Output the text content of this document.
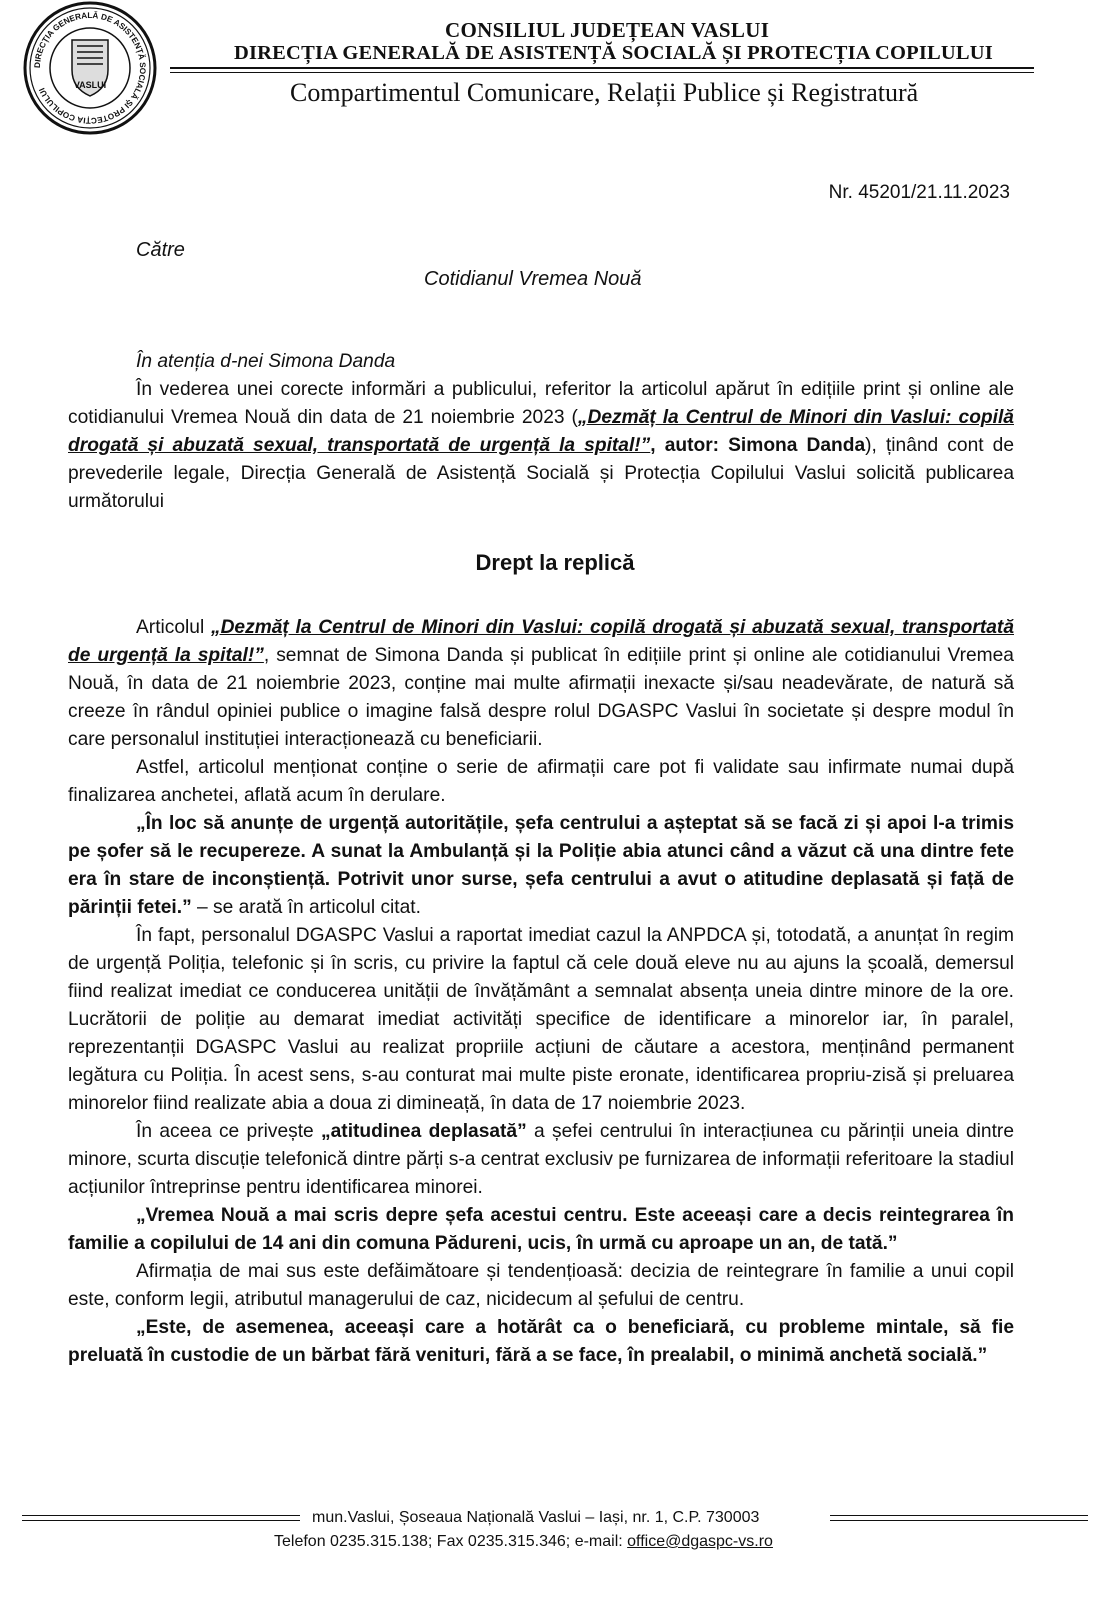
DIRECȚIA GENERALĂ DE ASISTENȚĂ SOCIALĂ ȘI PROTECȚIA COPILULUI	VASLUI
CONSILIUL JUDEȚEAN VASLUI
DIRECȚIA GENERALĂ DE ASISTENȚĂ SOCIALĂ ȘI PROTECȚIA COPILULUI
Compartimentul Comunicare, Relații Publice și Registratură
Nr. 45201/21.11.2023
Către
Cotidianul Vremea Nouă

În atenția d-nei Simona Danda

În vederea unei corecte informări a publicului, referitor la articolul apărut în edițiile print și online ale cotidianului Vremea Nouă din data de 21 noiembrie 2023 („Dezmăț la Centrul de Minori din Vaslui: copilă drogată și abuzată sexual, transportată de urgență la spital!”, autor: Simona Danda), ținând cont de prevederile legale, Direcția Generală de Asistență Socială și Protecția Copilului Vaslui solicită publicarea următorului

Drept la replică

Articolul „Dezmăț la Centrul de Minori din Vaslui: copilă drogată și abuzată sexual, transportată de urgență la spital!”, semnat de Simona Danda și publicat în edițiile print și online ale cotidianului Vremea Nouă, în data de 21 noiembrie 2023, conține mai multe afirmații inexacte și/sau neadevărate, de natură să creeze în rândul opiniei publice o imagine falsă despre rolul DGASPC Vaslui în societate și despre modul în care personalul instituției interacționează cu beneficiarii.

Astfel, articolul menționat conține o serie de afirmații care pot fi validate sau infirmate numai după finalizarea anchetei, aflată acum în derulare.

„În loc să anunțe de urgență autoritățile, șefa centrului a așteptat să se facă zi și apoi l-a trimis pe șofer să le recupereze. A sunat la Ambulanță și la Poliție abia atunci când a văzut că una dintre fete era în stare de inconștiență. Potrivit unor surse, șefa centrului a avut o atitudine deplasată și față de părinții fetei.” – se arată în articolul citat.

În fapt, personalul DGASPC Vaslui a raportat imediat cazul la ANPDCA și, totodată, a anunțat în regim de urgență Poliția, telefonic și în scris, cu privire la faptul că cele două eleve nu au ajuns la școală, demersul fiind realizat imediat ce conducerea unității de învățământ a semnalat absența uneia dintre minore de la ore. Lucrătorii de poliție au demarat imediat activități specifice de identificare a minorelor iar, în paralel, reprezentanții DGASPC Vaslui au realizat propriile acțiuni de căutare a acestora, menținând permanent legătura cu Poliția. În acest sens, s-au conturat mai multe piste eronate, identificarea propriu-zisă și preluarea minorelor fiind realizate abia a doua zi dimineață, în data de 17 noiembrie 2023.

În aceea ce privește „atitudinea deplasată” a șefei centrului în interacțiunea cu părinții uneia dintre minore, scurta discuție telefonică dintre părți s-a centrat exclusiv pe furnizarea de informații referitoare la stadiul acțiunilor întreprinse pentru identificarea minorei.

„Vremea Nouă a mai scris depre șefa acestui centru. Este aceeași care a decis reintegrarea în familie a copilului de 14 ani din comuna Pădureni, ucis, în urmă cu aproape un an, de tată.”

Afirmația de mai sus este defăimătoare și tendențioasă: decizia de reintegrare în familie a unui copil este, conform legii, atributul managerului de caz, nicidecum al șefului de centru.

„Este, de asemenea, aceeași care a hotărât ca o beneficiară, cu probleme mintale, să fie preluată în custodie de un bărbat fără venituri, fără a se face, în prealabil, o minimă anchetă socială.”

mun.Vaslui, Șoseaua Națională Vaslui – Iași, nr. 1, C.P. 730003
Telefon 0235.315.138; Fax 0235.315.346; e-mail: office@dgaspc-vs.ro
